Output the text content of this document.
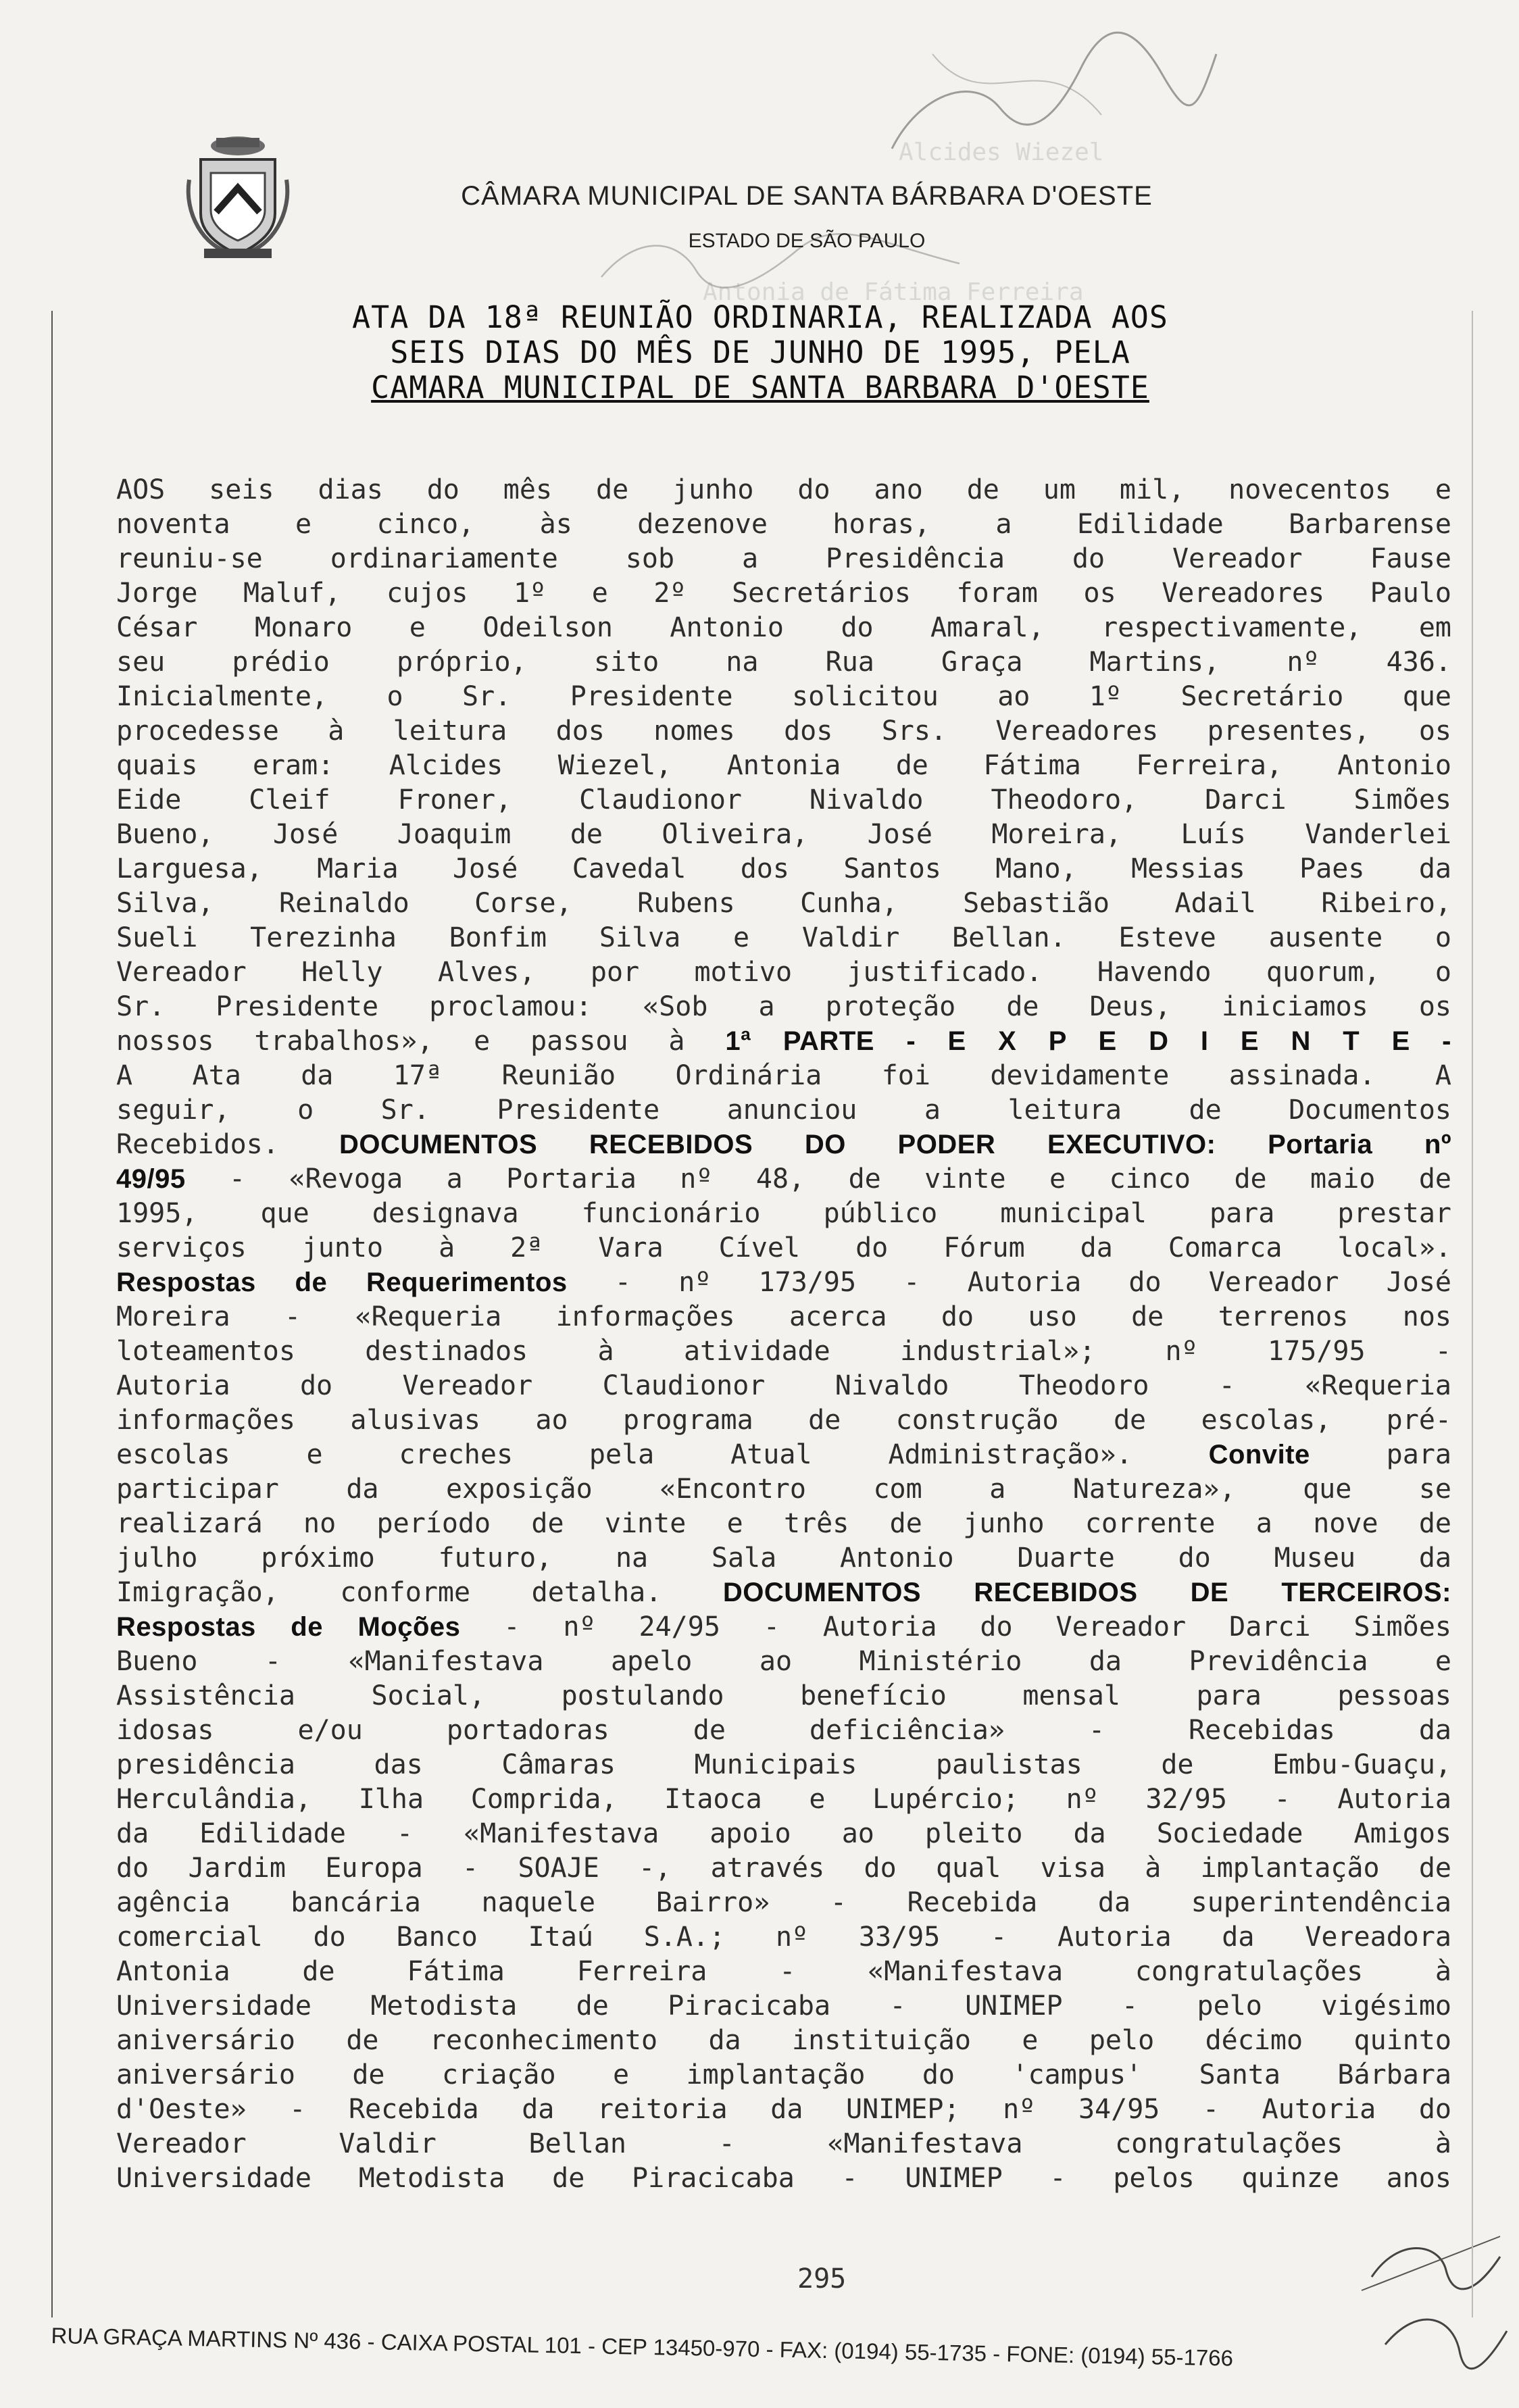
Alcides Wiezel
Antonia de Fátima Ferreira
CÂMARA MUNICIPAL DE SANTA BÁRBARA D'OESTE
ESTADO DE SÃO PAULO
ATA DA 18ª REUNIÃO ORDINARIA, REALIZADA AOS
SEIS DIAS DO MÊS DE JUNHO DE 1995, PELA
CAMARA MUNICIPAL DE SANTA BARBARA D'OESTE
AOS seis dias do mês de junho do ano de um mil, novecentos e
noventa e cinco, às dezenove horas, a Edilidade Barbarense
reuniu-se ordinariamente sob a Presidência do Vereador Fause
Jorge Maluf, cujos 1º e 2º Secretários foram os Vereadores Paulo
César Monaro e Odeilson Antonio do Amaral, respectivamente, em
seu prédio próprio, sito na Rua Graça Martins, nº 436.
Inicialmente, o Sr. Presidente solicitou ao 1º Secretário que
procedesse à leitura dos nomes dos Srs. Vereadores presentes, os
quais eram: Alcides Wiezel, Antonia de Fátima Ferreira, Antonio
Eide Cleif Froner, Claudionor Nivaldo Theodoro, Darci Simões
Bueno, José Joaquim de Oliveira, José Moreira, Luís Vanderlei
Larguesa, Maria José Cavedal dos Santos Mano, Messias Paes da
Silva, Reinaldo Corse, Rubens Cunha, Sebastião Adail Ribeiro,
Sueli Terezinha Bonfim Silva e Valdir Bellan. Esteve ausente o
Vereador Helly Alves, por motivo justificado. Havendo quorum, o
Sr. Presidente proclamou: «Sob a proteção de Deus, iniciamos os
nossos trabalhos», e passou à 1ª PARTE - E X P E D I E N T E -
A Ata da 17ª Reunião Ordinária foi devidamente assinada. A
seguir, o Sr. Presidente anunciou a leitura de Documentos
Recebidos. DOCUMENTOS RECEBIDOS DO PODER EXECUTIVO: Portaria nº
49/95 - «Revoga a Portaria nº 48, de vinte e cinco de maio de
1995, que designava funcionário público municipal para prestar
serviços junto à 2ª Vara Cível do Fórum da Comarca local».
Respostas de Requerimentos - nº 173/95 - Autoria do Vereador José
Moreira - «Requeria informações acerca do uso de terrenos nos
loteamentos destinados à atividade industrial»; nº 175/95 -
Autoria do Vereador Claudionor Nivaldo Theodoro - «Requeria
informações alusivas ao programa de construção de escolas, pré-
escolas e creches pela Atual Administração». Convite para
participar da exposição «Encontro com a Natureza», que se
realizará no período de vinte e três de junho corrente a nove de
julho próximo futuro, na Sala Antonio Duarte do Museu da
Imigração, conforme detalha. DOCUMENTOS RECEBIDOS DE TERCEIROS:
Respostas de Moções - nº 24/95 - Autoria do Vereador Darci Simões
Bueno - «Manifestava apelo ao Ministério da Previdência e
Assistência Social, postulando benefício mensal para pessoas
idosas e/ou portadoras de deficiência» - Recebidas da
presidência das Câmaras Municipais paulistas de Embu-Guaçu,
Herculândia, Ilha Comprida, Itaoca e Lupércio; nº 32/95 - Autoria
da Edilidade - «Manifestava apoio ao pleito da Sociedade Amigos
do Jardim Europa - SOAJE -, através do qual visa à implantação de
agência bancária naquele Bairro» - Recebida da superintendência
comercial do Banco Itaú S.A.; nº 33/95 - Autoria da Vereadora
Antonia de Fátima Ferreira - «Manifestava congratulações à
Universidade Metodista de Piracicaba - UNIMEP - pelo vigésimo
aniversário de reconhecimento da instituição e pelo décimo quinto
aniversário de criação e implantação do 'campus' Santa Bárbara
d'Oeste» - Recebida da reitoria da UNIMEP; nº 34/95 - Autoria do
Vereador Valdir Bellan - «Manifestava congratulações à
Universidade Metodista de Piracicaba - UNIMEP - pelos quinze anos
295
RUA GRAÇA MARTINS Nº 436 - CAIXA POSTAL 101 - CEP 13450-970 - FAX: (0194) 55-1735 - FONE: (0194) 55-1766
